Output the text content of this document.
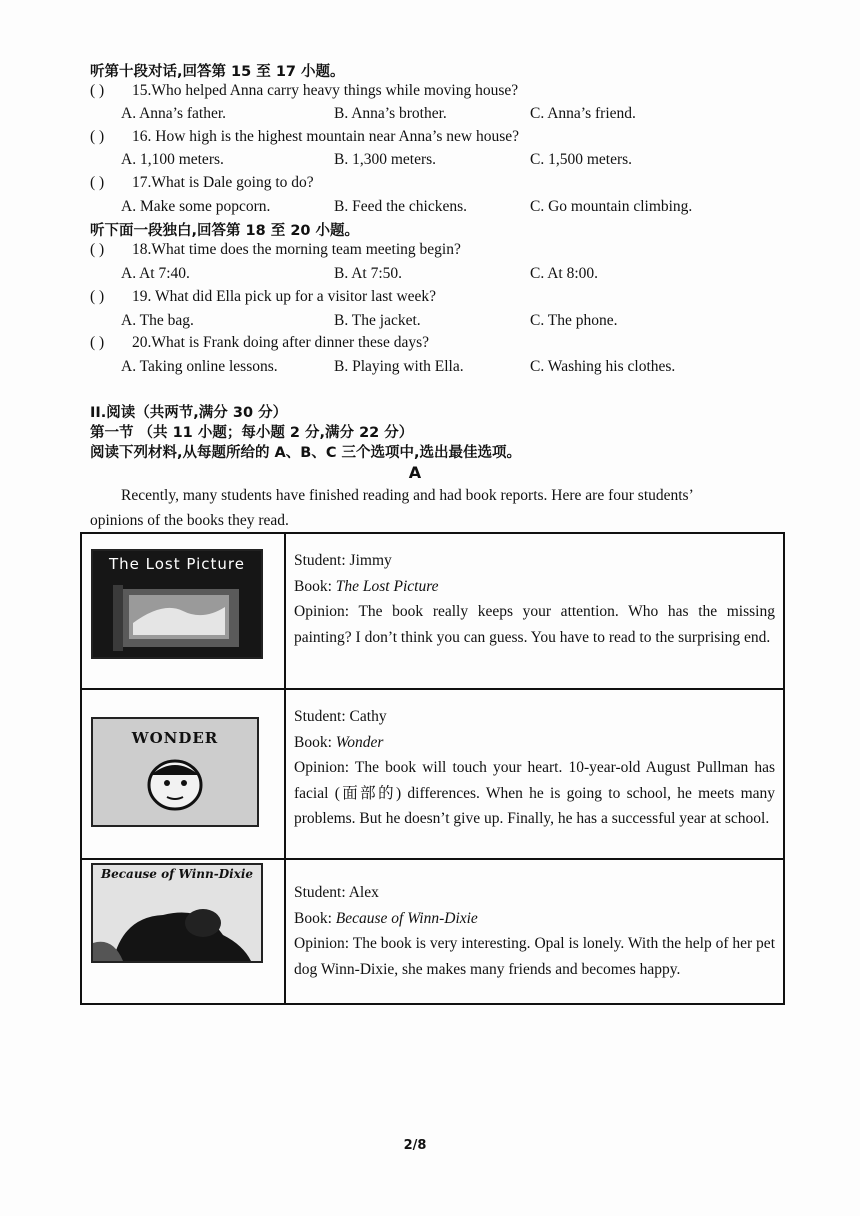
听第十段对话,回答第 15 至 17 小题。
( ) 15.Who helped Anna carry heavy things while moving house?
A. Anna’s father.	B. Anna’s brother.	C. Anna’s friend.
( ) 16. How high is the highest mountain near Anna’s new house?
A. 1,100 meters.	B. 1,300 meters.	C. 1,500 meters.
( ) 17.What is Dale going to do?
A. Make some popcorn.	B. Feed the chickens.	C. Go mountain climbing.
听下面一段独白,回答第 18 至 20 小题。
( ) 18.What time does the morning team meeting begin?
A. At 7:40.	B. At 7:50.	C. At 8:00.
( ) 19. What did Ella pick up for a visitor last week?
A. The bag.	B. The jacket.	C. The phone.
( ) 20.What is Frank doing after dinner these days?
A. Taking online lessons.	B. Playing with Ella.	C. Washing his clothes.
II.阅读（共两节,满分 30 分）
第一节 （共 11 小题；每小题 2 分,满分 22 分）
阅读下列材料,从每题所给的 A、B、C 三个选项中,选出最佳选项。
A
Recently, many students have finished reading and had book reports. Here are four students’
opinions of the books they read.
The Lost Picture	Student: Jimmy
Book: The Lost Picture
Opinion: The book really keeps your attention. Who has the missing painting? I don’t think you can guess. You have to read to the surprising end.

WONDER	Student: Cathy
Book: Wonder
Opinion: The book will touch your heart. 10-year-old August Pullman has facial (面部的) differences. When he is going to school, he meets many problems. But he doesn’t give up. Finally, he has a successful year at school.

Because of Winn-Dixie	Student: Alex
Book: Because of Winn-Dixie
Opinion: The book is very interesting. Opal is lonely. With the help of her pet dog Winn-Dixie, she makes many friends and becomes happy.
2/8
